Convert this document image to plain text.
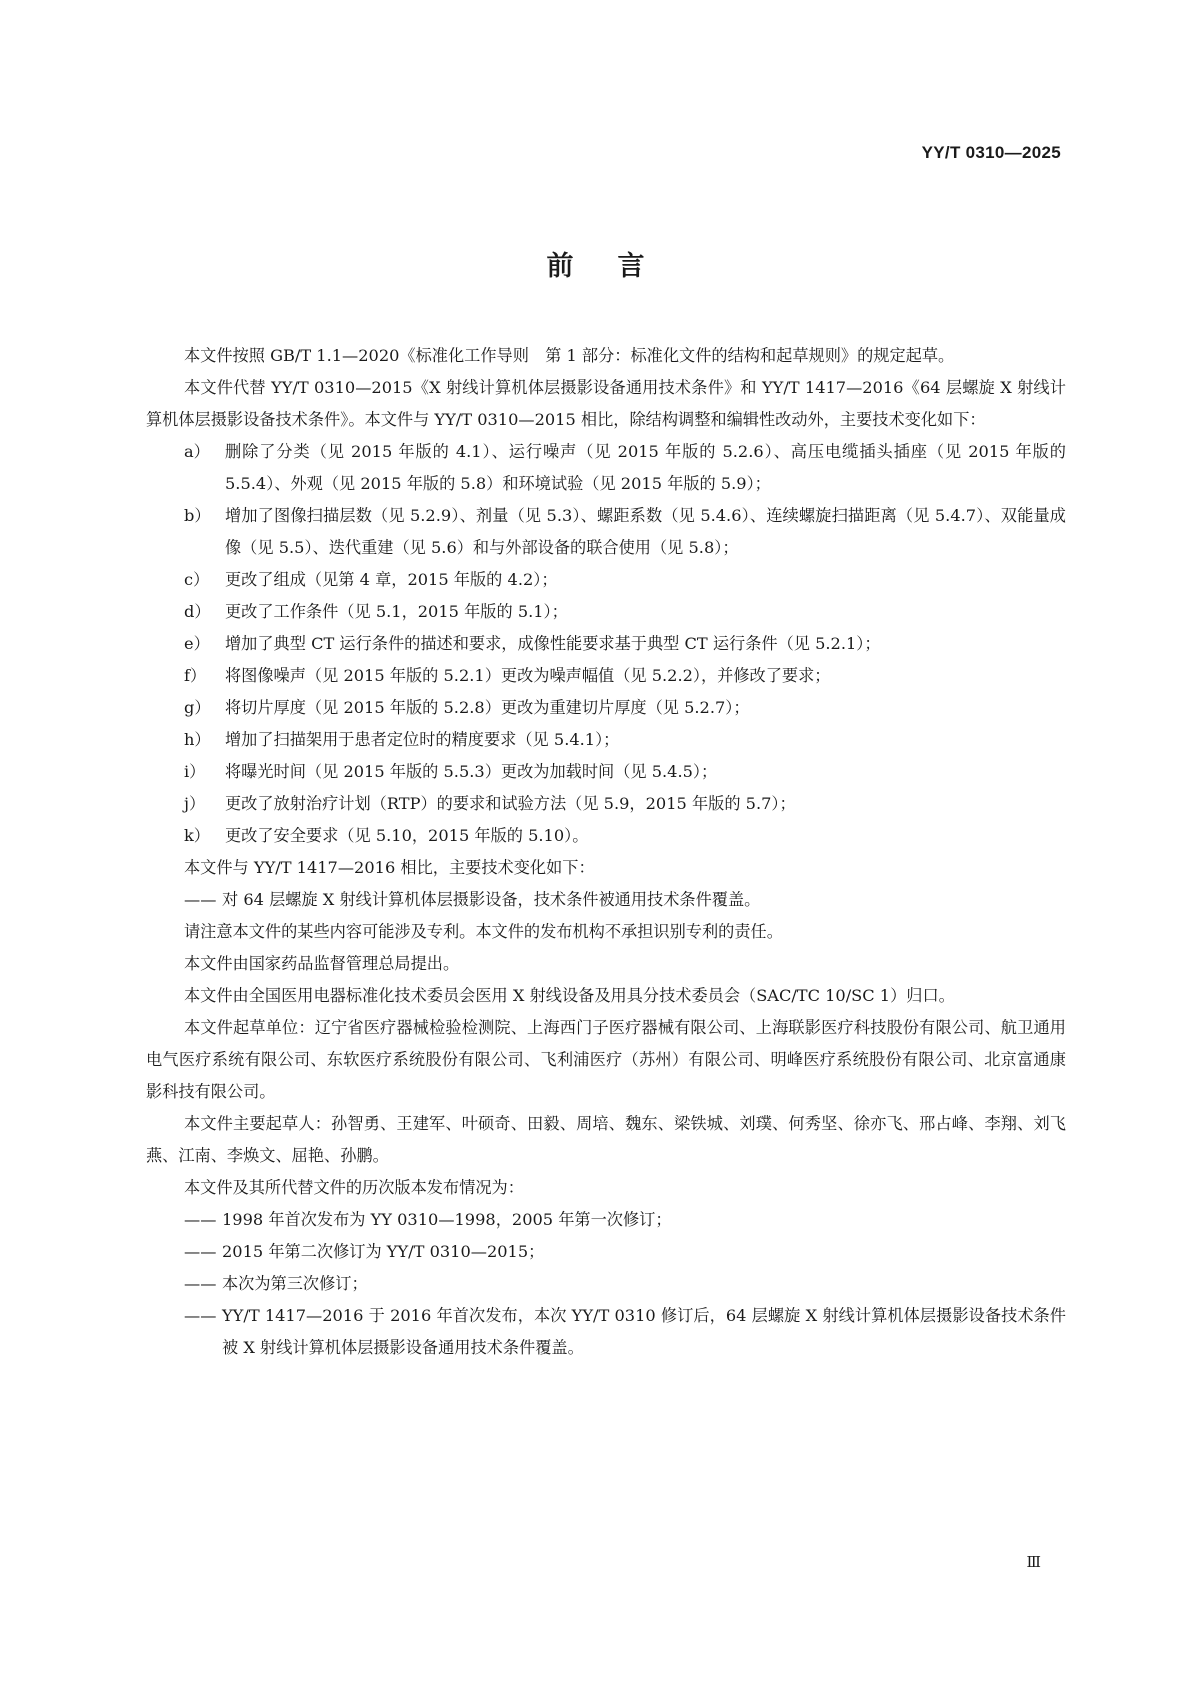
YY/T 0310—2025
前言

本文件按照 GB/T 1.1—2020《标准化工作导则　第 1 部分：标准化文件的结构和起草规则》的规定起草。

本文件代替 YY/T 0310—2015《X 射线计算机体层摄影设备通用技术条件》和 YY/T 1417—2016《64 层螺旋 X 射线计算机体层摄影设备技术条件》。本文件与 YY/T 0310—2015 相比，除结构调整和编辑性改动外，主要技术变化如下：

a） 删除了分类（见 2015 年版的 4.1）、运行噪声（见 2015 年版的 5.2.6）、高压电缆插头插座（见 2015 年版的 5.5.4）、外观（见 2015 年版的 5.8）和环境试验（见 2015 年版的 5.9）；

b） 增加了图像扫描层数（见 5.2.9）、剂量（见 5.3）、螺距系数（见 5.4.6）、连续螺旋扫描距离（见 5.4.7）、双能量成像（见 5.5）、迭代重建（见 5.6）和与外部设备的联合使用（见 5.8）；

c） 更改了组成（见第 4 章，2015 年版的 4.2）；

d） 更改了工作条件（见 5.1，2015 年版的 5.1）；

e） 增加了典型 CT 运行条件的描述和要求，成像性能要求基于典型 CT 运行条件（见 5.2.1）；

f） 将图像噪声（见 2015 年版的 5.2.1）更改为噪声幅值（见 5.2.2），并修改了要求；

g） 将切片厚度（见 2015 年版的 5.2.8）更改为重建切片厚度（见 5.2.7）；

h） 增加了扫描架用于患者定位时的精度要求（见 5.4.1）；

i） 将曝光时间（见 2015 年版的 5.5.3）更改为加载时间（见 5.4.5）；

j） 更改了放射治疗计划（RTP）的要求和试验方法（见 5.9，2015 年版的 5.7）；

k） 更改了安全要求（见 5.10，2015 年版的 5.10）。

本文件与 YY/T 1417—2016 相比，主要技术变化如下：

—— 对 64 层螺旋 X 射线计算机体层摄影设备，技术条件被通用技术条件覆盖。

请注意本文件的某些内容可能涉及专利。本文件的发布机构不承担识别专利的责任。

本文件由国家药品监督管理总局提出。

本文件由全国医用电器标准化技术委员会医用 X 射线设备及用具分技术委员会（SAC/TC 10/SC 1）归口。

本文件起草单位：辽宁省医疗器械检验检测院、上海西门子医疗器械有限公司、上海联影医疗科技股份有限公司、航卫通用电气医疗系统有限公司、东软医疗系统股份有限公司、飞利浦医疗（苏州）有限公司、明峰医疗系统股份有限公司、北京富通康影科技有限公司。

本文件主要起草人：孙智勇、王建军、叶硕奇、田毅、周培、魏东、梁铁城、刘璞、何秀坚、徐亦飞、邢占峰、李翔、刘飞燕、江南、李焕文、屈艳、孙鹏。

本文件及其所代替文件的历次版本发布情况为：

—— 1998 年首次发布为 YY 0310—1998，2005 年第一次修订；

—— 2015 年第二次修订为 YY/T 0310—2015；

—— 本次为第三次修订；

—— YY/T 1417—2016 于 2016 年首次发布，本次 YY/T 0310 修订后，64 层螺旋 X 射线计算机体层摄影设备技术条件被 X 射线计算机体层摄影设备通用技术条件覆盖。

Ⅲ
